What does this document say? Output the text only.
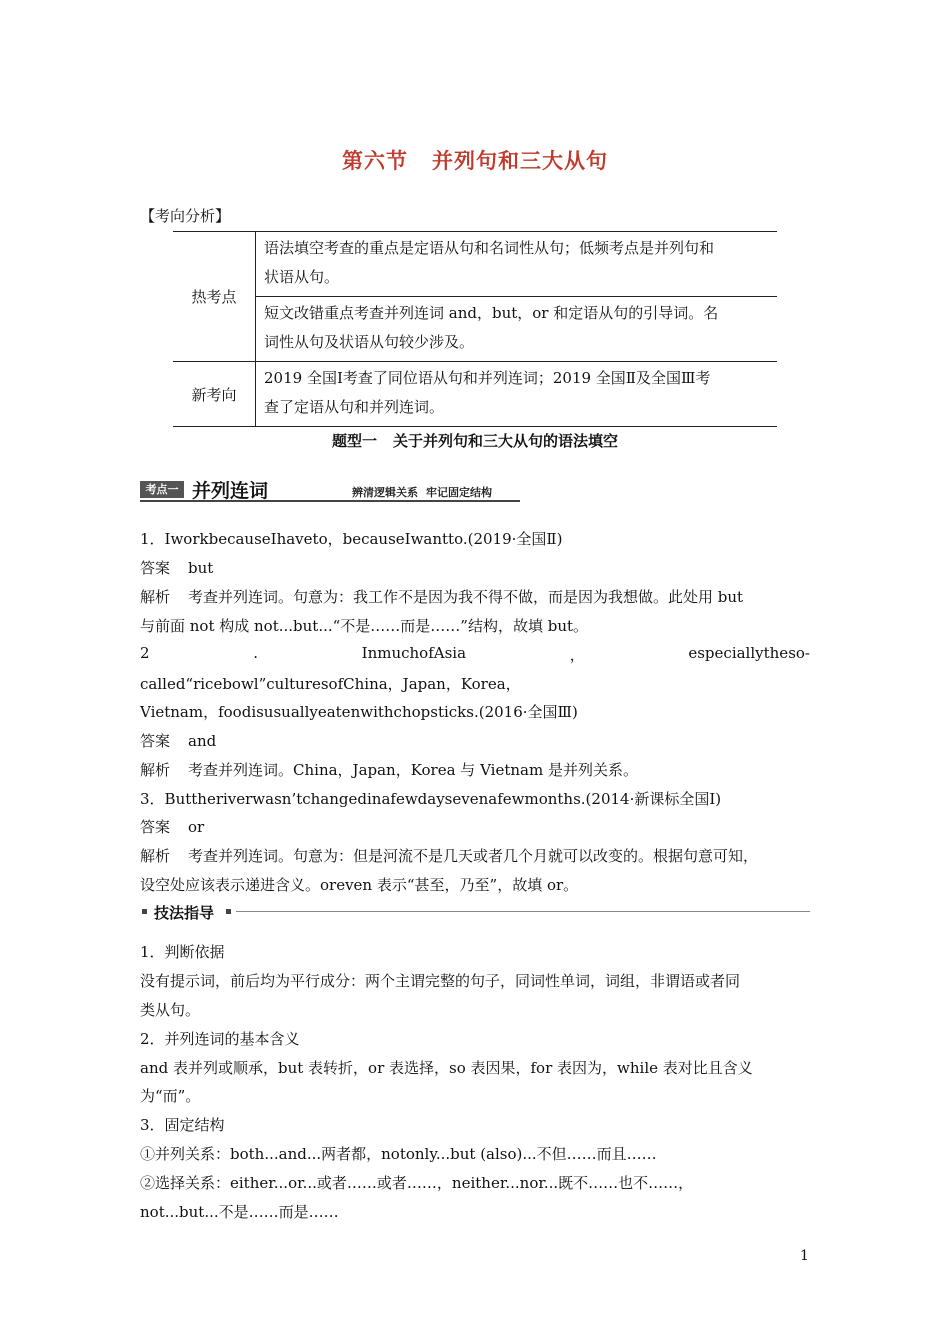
第六节 并列句和三大从句
【考向分析】
热考点	语法填空考查的重点是定语从句和名词性从句；低频考点是并列句和
状语从句。

	短文改错重点考查并列连词 and，but，or 和定语从句的引导词。名
词性从句及状语从句较少涉及。

新考向	2019 全国Ⅰ考查了同位语从句和并列连词；2019 全国Ⅱ及全国Ⅲ考
查了定语从句和并列连词。
题型一 关于并列句和三大从句的语法填空
考点一 并列连词	辨清逻辑关系 牢记固定结构
1．IworkbecauseIhaveto，becauseIwantto.(2019·全国Ⅱ)
答案 but
解析 考查并列连词。句意为：我工作不是因为我不得不做，而是因为我想做。此处用 but
与前面 not 构成 not...but...“不是……而是……”结构，故填 but。
2	.	InmuchofAsia	，	especiallytheso-
called“ricebowl”culturesofChina，Japan，Korea，
Vietnam，foodisusuallyeatenwithchopsticks.(2016·全国Ⅲ)
答案 and
解析 考查并列连词。China，Japan，Korea 与 Vietnam 是并列关系。
3．Buttheriverwasn’tchangedinafewdaysevenafewmonths.(2014·新课标全国Ⅰ)
答案 or
解析 考查并列连词。句意为：但是河流不是几天或者几个月就可以改变的。根据句意可知，
设空处应该表示递进含义。oreven 表示“甚至，乃至”，故填 or。
技法指导
1．判断依据
没有提示词，前后均为平行成分：两个主谓完整的句子，同词性单词，词组，非谓语或者同
类从句。
2．并列连词的基本含义
and 表并列或顺承，but 表转折，or 表选择，so 表因果，for 表因为，while 表对比且含义
为“而”。
3．固定结构
①并列关系：both...and...两者都，notonly...but (also)...不但……而且……
②选择关系：either...or...或者……或者……，neither...nor...既不……也不……，
not...but...不是……而是……
1
